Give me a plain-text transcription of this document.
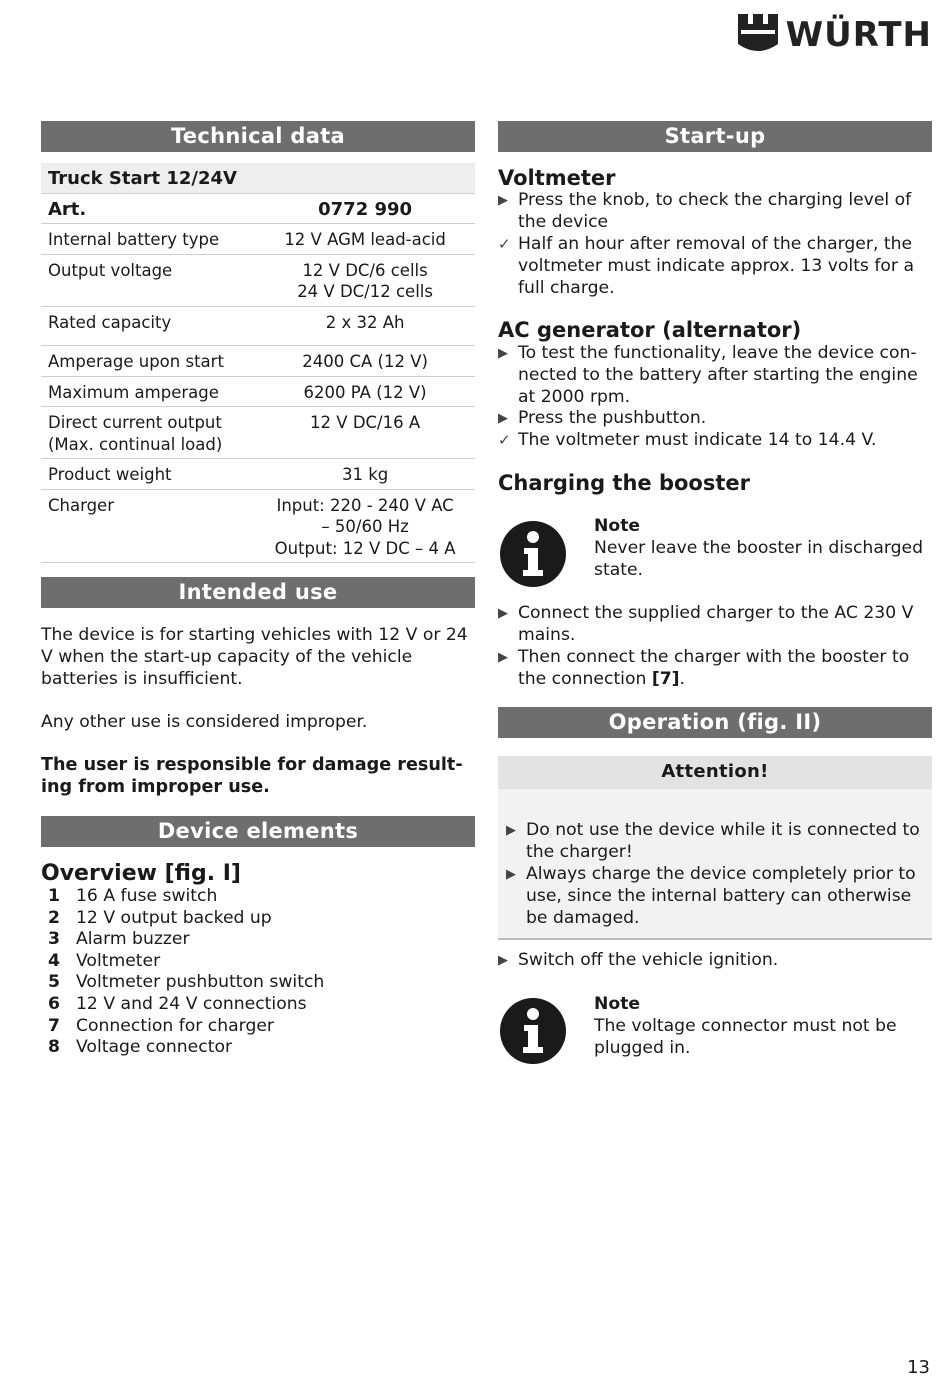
WÜRTH
Technical data
Truck Start 12/24V	
Art.	0772 990
Internal battery type	12 V AGM lead-acid
Output voltage	12 V DC/6 cells
24 V DC/12 cells
Rated capacity	2 x 32 Ah
Amperage upon start	2400 CA (12 V)
Maximum amperage	6200 PA (12 V)
Direct current output
(Max. continual load)	12 V DC/16 A
Product weight	31 kg
Charger	Input: 220 - 240 V AC
– 50/60 Hz
Output: 12 V DC – 4 A
Intended use
The device is for starting vehicles with 12 V or 24 V when the start-up capacity of the vehicle batteries is insufficient.
Any other use is considered improper.
The user is responsible for damage result-ing from improper use.
Device elements
Overview [fig. I]
1 16 A fuse switch
2 12 V output backed up
3 Alarm buzzer
4 Voltmeter
5 Voltmeter pushbutton switch
6 12 V and 24 V connections
7 Connection for charger
8 Voltage connector
Start-up
Voltmeter
▶ Press the knob, to check the charging level of the device
✓ Half an hour after removal of the charger, the voltmeter must indicate approx. 13 volts for a full charge.
AC generator (alternator)
▶ To test the functionality, leave the device con-nected to the battery after starting the engine at 2000 rpm.
▶ Press the pushbutton.
✓ The voltmeter must indicate 14 to 14.4 V.
Charging the booster
Note
Never leave the booster in discharged state.
▶ Connect the supplied charger to the AC 230 V mains.
▶ Then connect the charger with the booster to the connection [7].
Operation (fig. II)
Attention!
▶ Do not use the device while it is connected to the charger!
▶ Always charge the device completely prior to use, since the internal battery can otherwise be damaged.
▶ Switch off the vehicle ignition.
Note
The voltage connector must not be plugged in.
13
